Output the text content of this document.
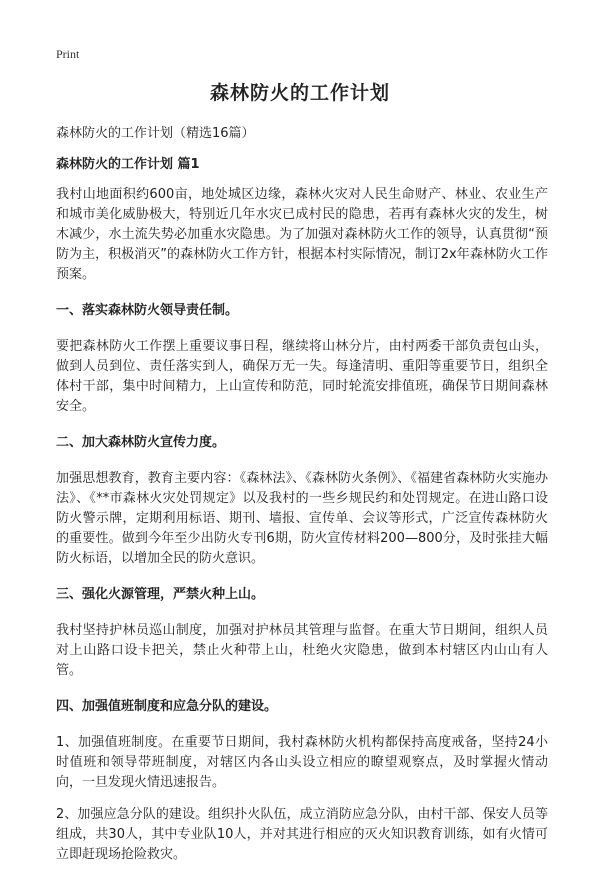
Print
森林防火的工作计划

森林防火的工作计划（精选16篇）

森林防火的工作计划 篇1

我村山地面积约600亩，地处城区边缘，森林火灾对人民生命财产、林业、农业生产和城市美化威胁极大，特别近几年水灾已成村民的隐患，若再有森林火灾的发生，树木减少，水土流失势必加重水灾隐患。为了加强对森林防火工作的领导，认真贯彻“预防为主，积极消灭”的森林防火工作方针，根据本村实际情况，制订2x年森林防火工作预案。

一、落实森林防火领导责任制。

要把森林防火工作摆上重要议事日程，继续将山林分片，由村两委干部负责包山头，做到人员到位、责任落实到人，确保万无一失。每逢清明、重阳等重要节日，组织全体村干部，集中时间精力，上山宣传和防范，同时轮流安排值班，确保节日期间森林安全。

二、加大森林防火宣传力度。

加强思想教育，教育主要内容：《森林法》、《森林防火条例》、《福建省森林防火实施办法》、《**市森林火灾处罚规定》以及我村的一些乡规民约和处罚规定。在进山路口设防火警示牌，定期利用标语、期刊、墙报、宣传单、会议等形式，广泛宣传森林防火的重要性。做到今年至少出防火专刊6期，防火宣传材料200—800分，及时张挂大幅防火标语，以增加全民的防火意识。

三、强化火源管理，严禁火种上山。

我村坚持护林员巡山制度，加强对护林员其管理与监督。在重大节日期间，组织人员对上山路口设卡把关，禁止火种带上山，杜绝火灾隐患，做到本村辖区内山山有人管。

四、加强值班制度和应急分队的建设。

1、加强值班制度。在重要节日期间，我村森林防火机构都保持高度戒备，坚持24小时值班和领导带班制度，对辖区内各山头设立相应的瞭望观察点，及时掌握火情动向，一旦发现火情迅速报告。

2、加强应急分队的建设。组织扑火队伍，成立消防应急分队，由村干部、保安人员等组成，共30人，其中专业队10人，并对其进行相应的灭火知识教育训练，如有火情可立即赶现场抢险救灾。
